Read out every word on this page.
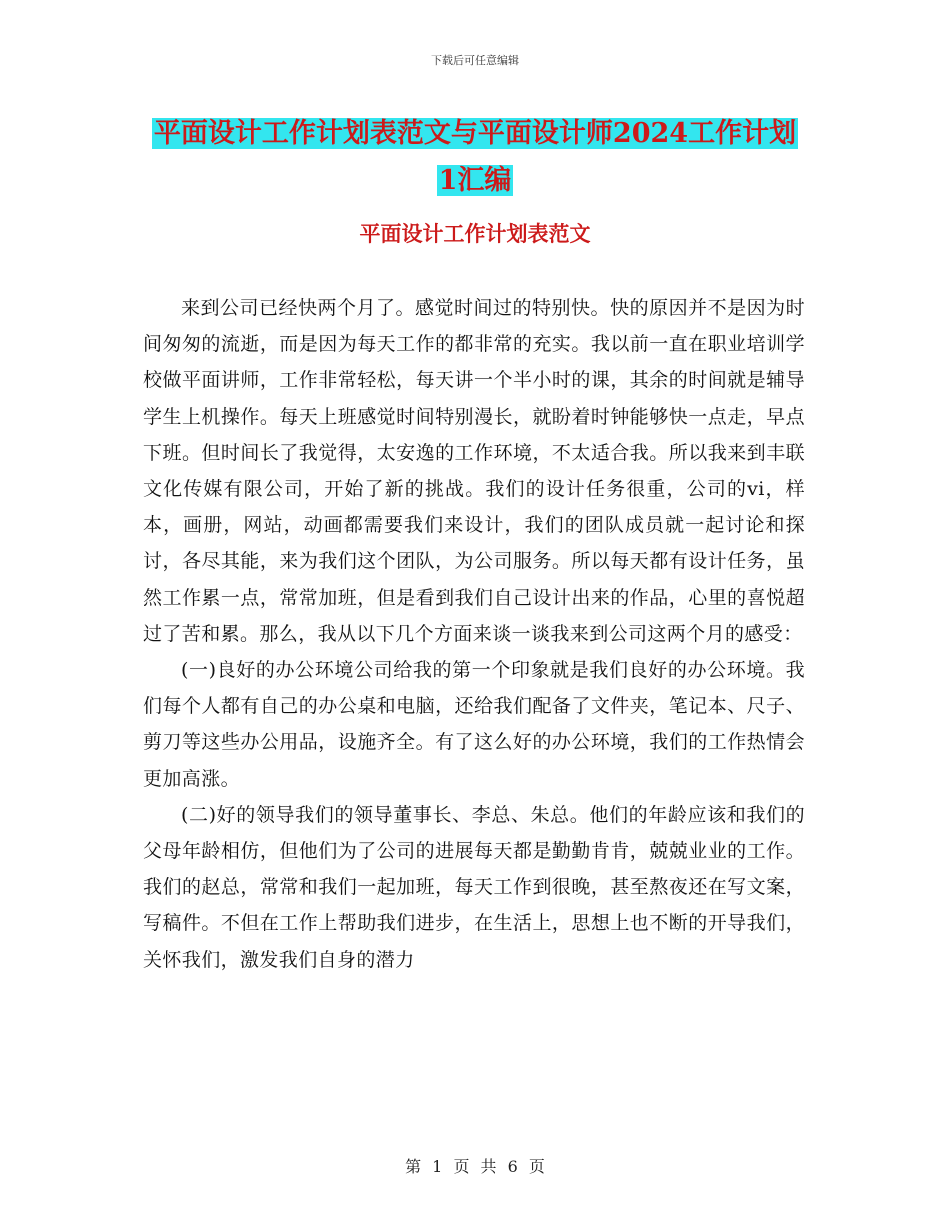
下载后可任意编辑
平面设计工作计划表范文与平面设计师2024工作计划
1汇编
平面设计工作计划表范文

来到公司已经快两个月了。感觉时间过的特别快。快的原因并不是因为时间匆匆的流逝，而是因为每天工作的都非常的充实。我以前一直在职业培训学校做平面讲师，工作非常轻松，每天讲一个半小时的课，其余的时间就是辅导学生上机操作。每天上班感觉时间特别漫长，就盼着时钟能够快一点走，早点下班。但时间长了我觉得，太安逸的工作环境，不太适合我。所以我来到丰联文化传媒有限公司，开始了新的挑战。我们的设计任务很重，公司的vi，样本，画册，网站，动画都需要我们来设计，我们的团队成员就一起讨论和探讨，各尽其能，来为我们这个团队，为公司服务。所以每天都有设计任务，虽然工作累一点，常常加班，但是看到我们自己设计出来的作品，心里的喜悦超过了苦和累。那么，我从以下几个方面来谈一谈我来到公司这两个月的感受：

(一)良好的办公环境公司给我的第一个印象就是我们良好的办公环境。我们每个人都有自己的办公桌和电脑，还给我们配备了文件夹，笔记本、尺子、剪刀等这些办公用品，设施齐全。有了这么好的办公环境，我们的工作热情会更加高涨。

(二)好的领导我们的领导董事长、李总、朱总。他们的年龄应该和我们的父母年龄相仿，但他们为了公司的进展每天都是勤勤肯肯，兢兢业业的工作。我们的赵总，常常和我们一起加班，每天工作到很晚，甚至熬夜还在写文案，写稿件。不但在工作上帮助我们进步，在生活上，思想上也不断的开导我们，关怀我们，激发我们自身的潜力

第 1 页 共 6 页
